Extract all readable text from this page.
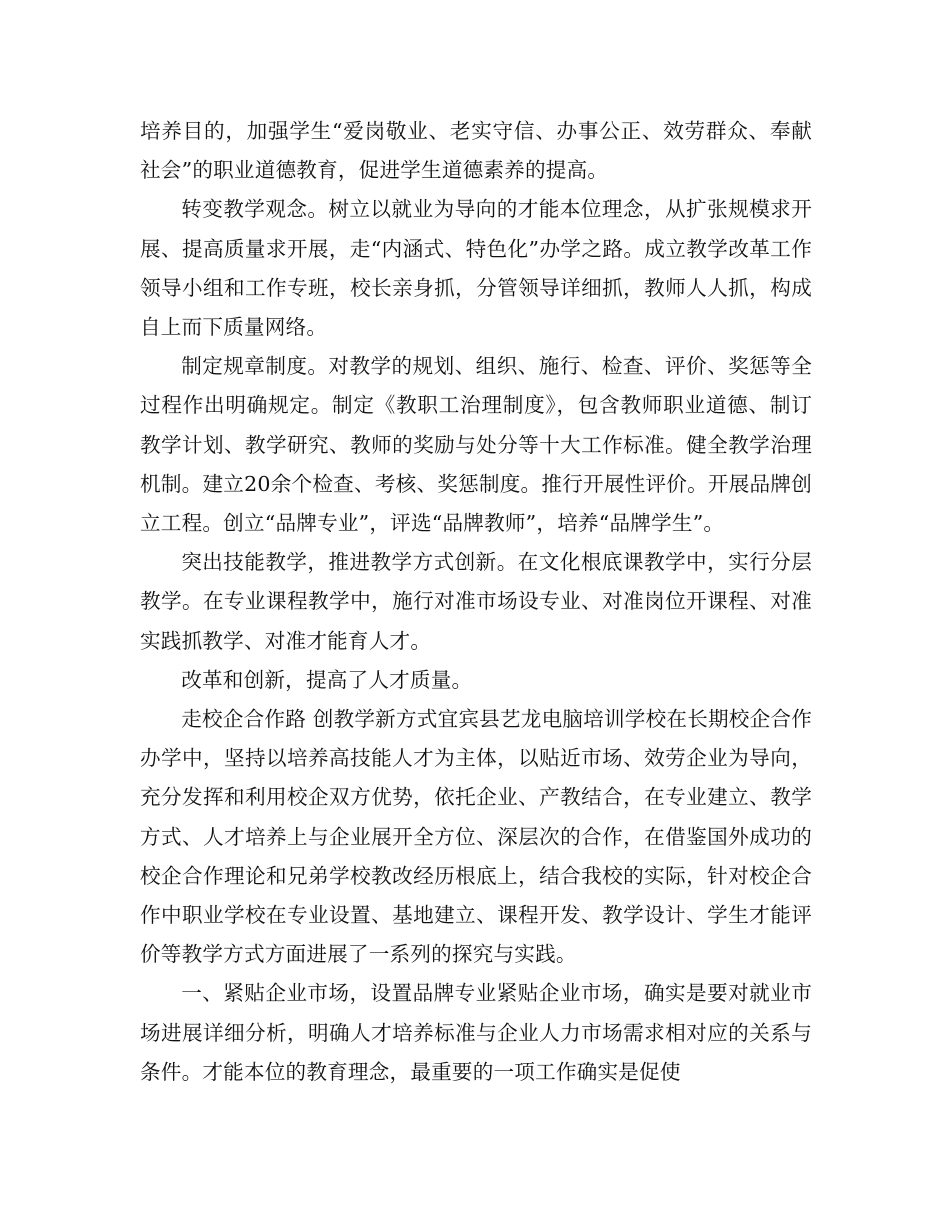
培养目的，加强学生“爱岗敬业、老实守信、办事公正、效劳群众、奉献社会”的职业道德教育，促进学生道德素养的提高。

转变教学观念。树立以就业为导向的才能本位理念，从扩张规模求开展、提高质量求开展，走“内涵式、特色化”办学之路。成立教学改革工作领导小组和工作专班，校长亲身抓，分管领导详细抓，教师人人抓，构成自上而下质量网络。

制定规章制度。对教学的规划、组织、施行、检查、评价、奖惩等全过程作出明确规定。制定《教职工治理制度》，包含教师职业道德、制订教学计划、教学研究、教师的奖励与处分等十大工作标准。健全教学治理机制。建立20余个检查、考核、奖惩制度。推行开展性评价。开展品牌创立工程。创立“品牌专业”，评选“品牌教师”，培养“品牌学生”。

突出技能教学，推进教学方式创新。在文化根底课教学中，实行分层教学。在专业课程教学中，施行对准市场设专业、对准岗位开课程、对准实践抓教学、对准才能育人才。

改革和创新，提高了人才质量。

走校企合作路 创教学新方式宜宾县艺龙电脑培训学校在长期校企合作办学中，坚持以培养高技能人才为主体，以贴近市场、效劳企业为导向，充分发挥和利用校企双方优势，依托企业、产教结合，在专业建立、教学方式、人才培养上与企业展开全方位、深层次的合作，在借鉴国外成功的校企合作理论和兄弟学校教改经历根底上，结合我校的实际，针对校企合作中职业学校在专业设置、基地建立、课程开发、教学设计、学生才能评价等教学方式方面进展了一系列的探究与实践。

一、紧贴企业市场，设置品牌专业紧贴企业市场，确实是要对就业市场进展详细分析，明确人才培养标准与企业人力市场需求相对应的关系与条件。才能本位的教育理念，最重要的一项工作确实是促使
